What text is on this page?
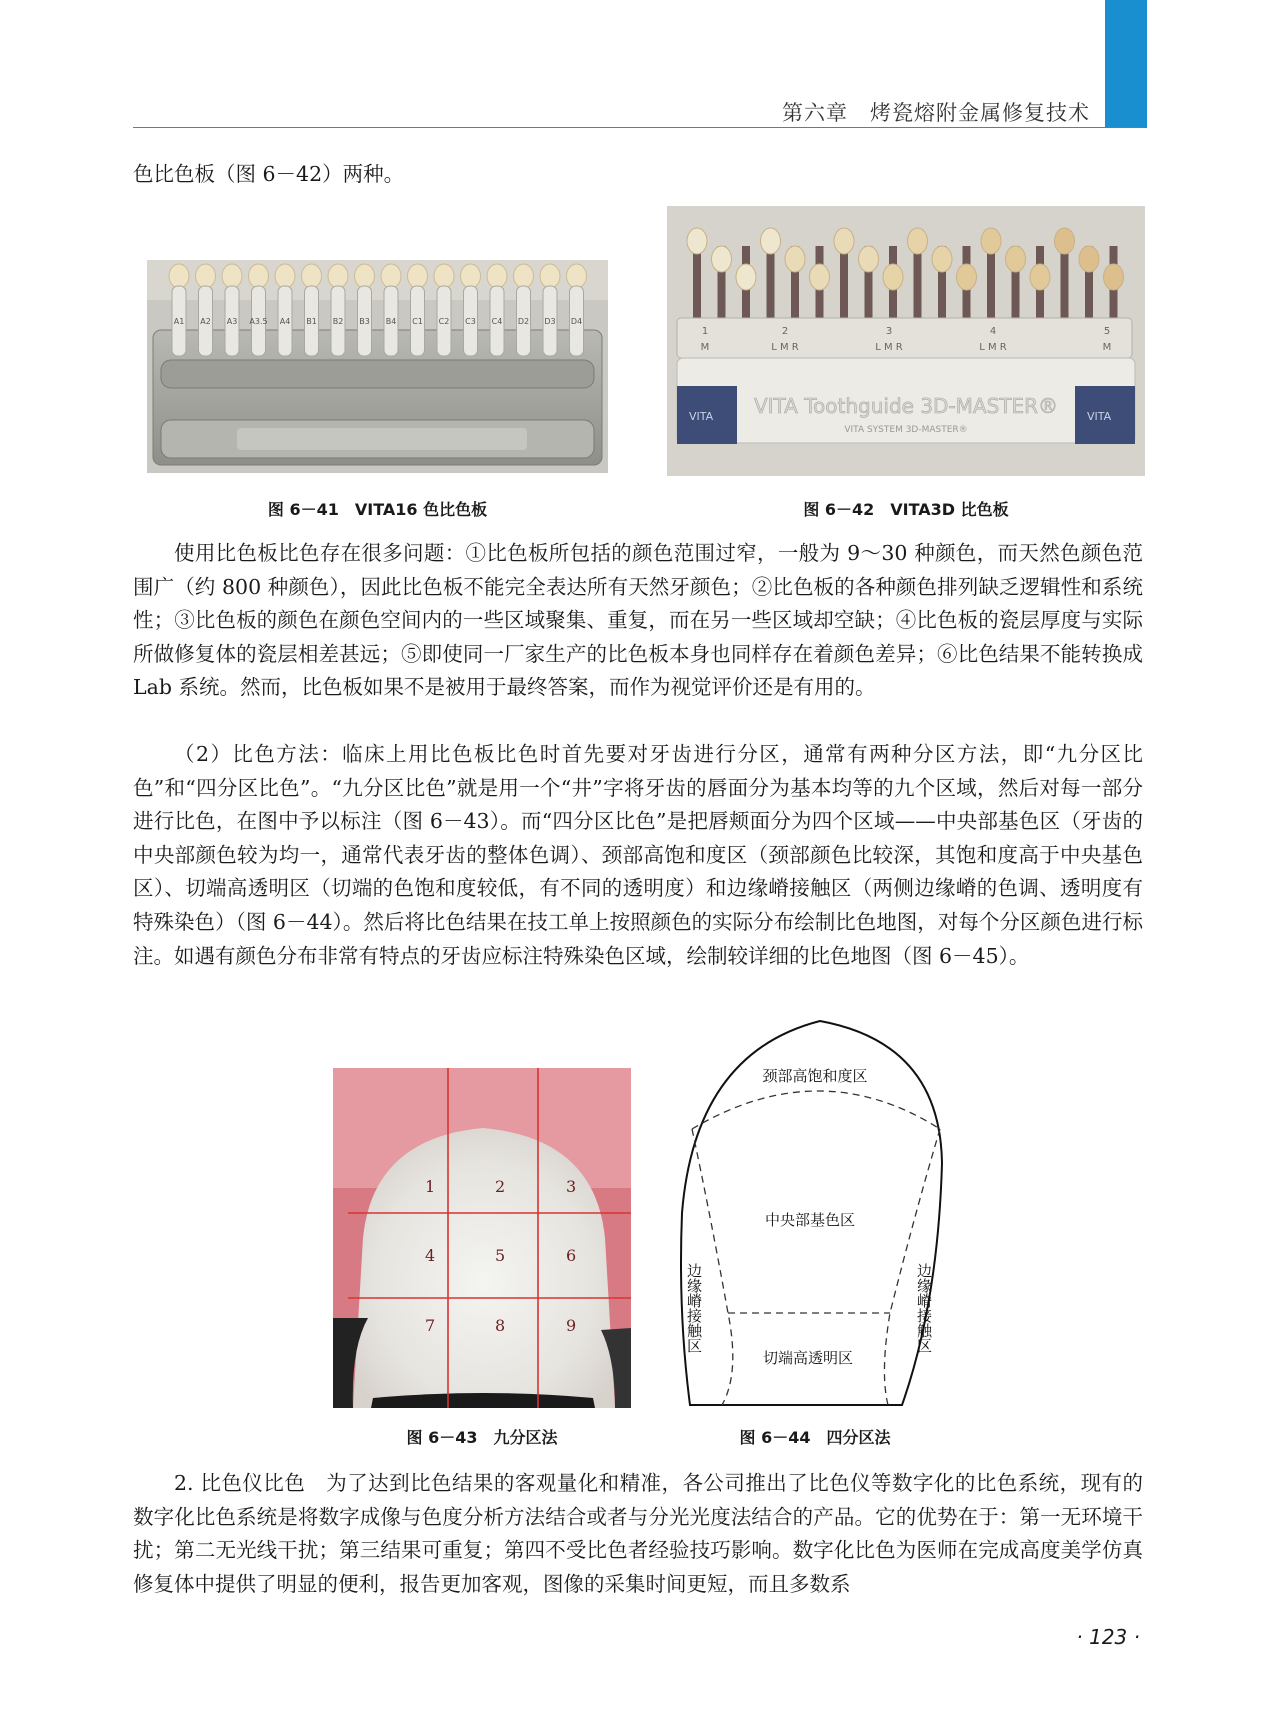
第六章　烤瓷熔附金属修复技术
色比色板（图 6－42）两种。
A1 A2 A3 A3.5 A4 B1 B2 B3 B4 C1 C2 C3 C4 D2 D3 D4
图 6－41　VITA16 色比色板
1
M
2
L M R
3
L M R
4
L M R
5
M
VITA	VITA
VITA Toothguide 3D-MASTER®
VITA SYSTEM 3D-MASTER®
图 6－42　VITA3D 比色板
使用比色板比色存在很多问题：①比色板所包括的颜色范围过窄，一般为 9～30 种颜色，而天然色颜色范围广（约 800 种颜色），因此比色板不能完全表达所有天然牙颜色；②比色板的各种颜色排列缺乏逻辑性和系统性；③比色板的颜色在颜色空间内的一些区域聚集、重复，而在另一些区域却空缺；④比色板的瓷层厚度与实际所做修复体的瓷层相差甚远；⑤即使同一厂家生产的比色板本身也同样存在着颜色差异；⑥比色结果不能转换成 Lab 系统。然而，比色板如果不是被用于最终答案，而作为视觉评价还是有用的。
（2）比色方法：临床上用比色板比色时首先要对牙齿进行分区，通常有两种分区方法，即“九分区比色”和“四分区比色”。“九分区比色”就是用一个“井”字将牙齿的唇面分为基本均等的九个区域，然后对每一部分进行比色，在图中予以标注（图 6－43）。而“四分区比色”是把唇颊面分为四个区域——中央部基色区（牙齿的中央部颜色较为均一，通常代表牙齿的整体色调）、颈部高饱和度区（颈部颜色比较深，其饱和度高于中央基色区）、切端高透明区（切端的色饱和度较低，有不同的透明度）和边缘嵴接触区（两侧边缘嵴的色调、透明度有特殊染色）（图 6－44）。然后将比色结果在技工单上按照颜色的实际分布绘制比色地图，对每个分区颜色进行标注。如遇有颜色分布非常有特点的牙齿应标注特殊染色区域，绘制较详细的比色地图（图 6－45）。
1	2	3
4	5	6
7	8	9
图 6－43　九分区法
颈部高饱和度区
中央部基色区
切端高透明区
边缘嵴接触区	边缘嵴接触区
图 6－44　四分区法
2. 比色仪比色　为了达到比色结果的客观量化和精准，各公司推出了比色仪等数字化的比色系统，现有的数字化比色系统是将数字成像与色度分析方法结合或者与分光光度法结合的产品。它的优势在于：第一无环境干扰；第二无光线干扰；第三结果可重复；第四不受比色者经验技巧影响。数字化比色为医师在完成高度美学仿真修复体中提供了明显的便利，报告更加客观，图像的采集时间更短，而且多数系
· 123 ·
